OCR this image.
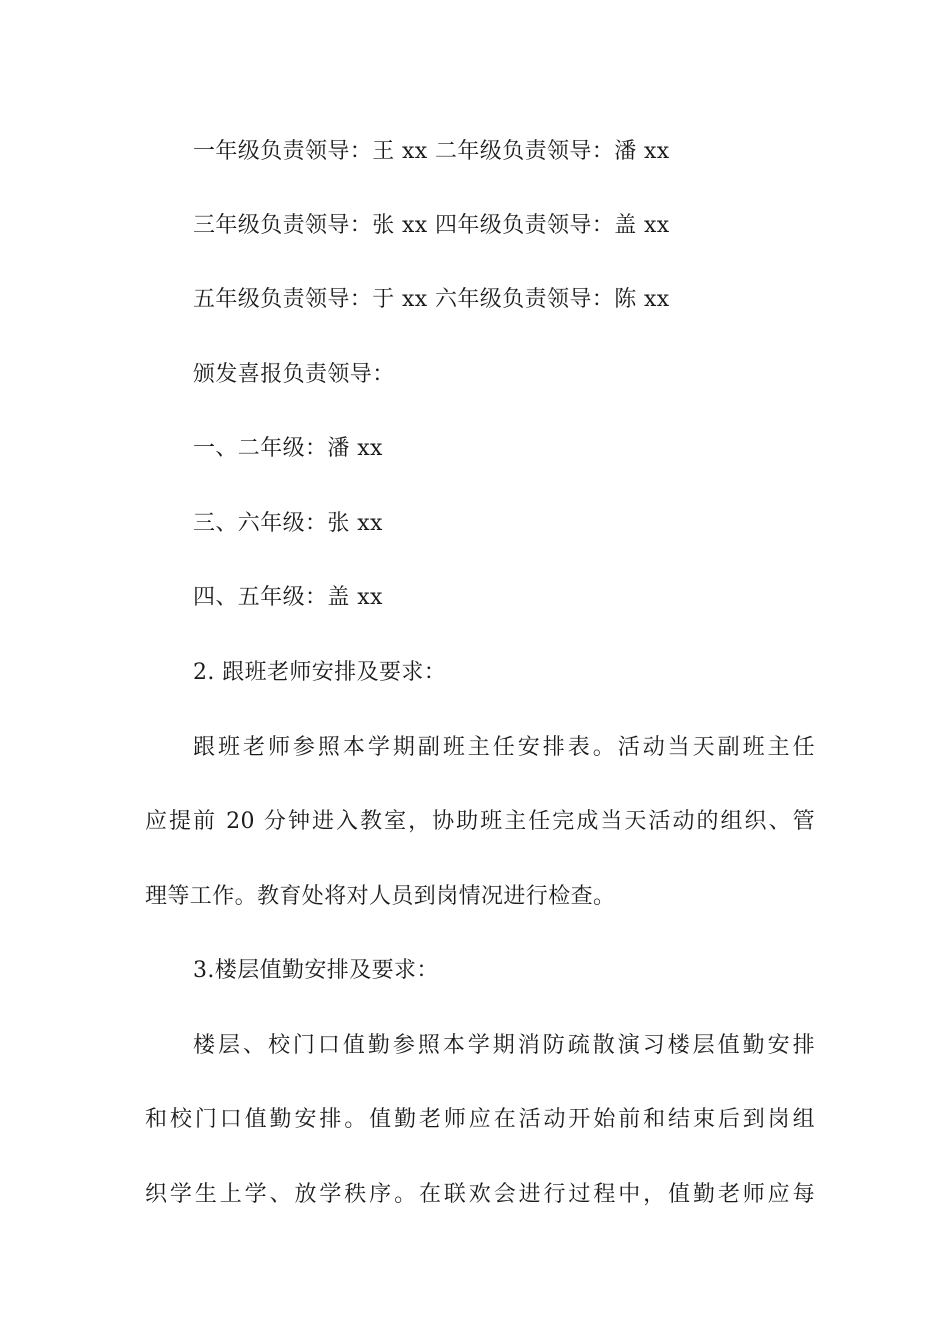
一年级负责领导：王 xx 二年级负责领导：潘 xx
三年级负责领导：张 xx 四年级负责领导：盖 xx
五年级负责领导：于 xx 六年级负责领导：陈 xx
颁发喜报负责领导：
一、二年级：潘 xx
三、六年级：张 xx
四、五年级：盖 xx
2. 跟班老师安排及要求：
跟班老师参照本学期副班主任安排表。活动当天副班主任
应提前 20 分钟进入教室，协助班主任完成当天活动的组织、管
理等工作。教育处将对人员到岗情况进行检查。
3.楼层值勤安排及要求：
楼层、校门口值勤参照本学期消防疏散演习楼层值勤安排
和校门口值勤安排。值勤老师应在活动开始前和结束后到岗组
织学生上学、放学秩序。在联欢会进行过程中，值勤老师应每
